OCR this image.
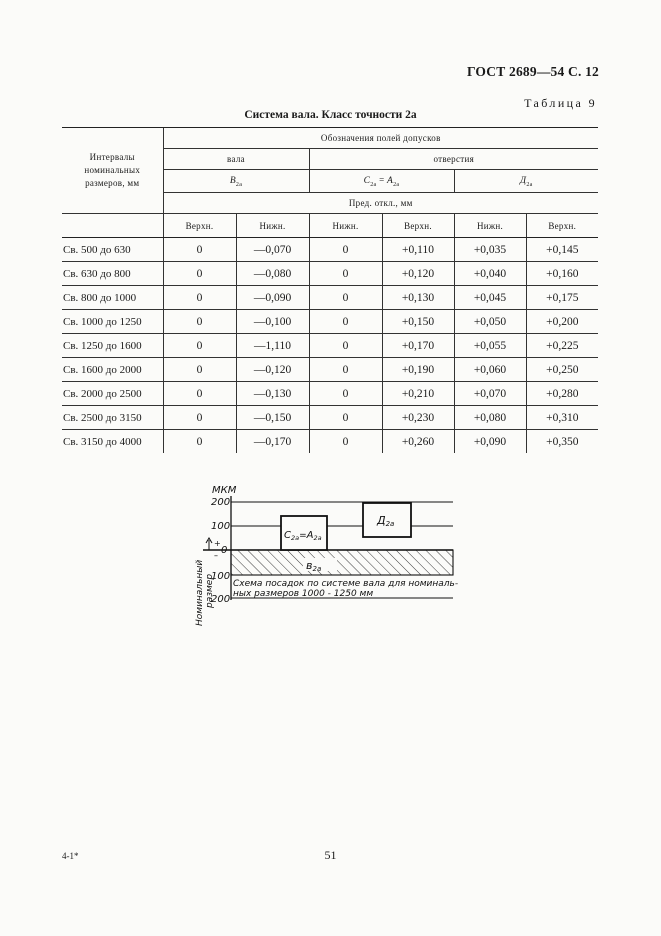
ГОСТ 2689—54 С. 12
Таблица 9
Система вала. Класс точности 2а
Интервалы номинальных размеров, мм	Обозначения полей допусков					
	вала		отверстия			
	$В_{2а}$		$С_{2а} = А_{2а}$		$Д_{2а}$
	Пред. откл., мм					
	Верхн.	Нижн.	Нижн.	Верхн.	Нижн.	Верхн.
Св. 500 до 630	0	—0,070	0	+0,110	+0,035	+0,145
Св. 630 до 800	0	—0,080	0	+0,120	+0,040	+0,160
Св. 800 до 1000	0	—0,090	0	+0,130	+0,045	+0,175
Св. 1000 до 1250	0	—0,100	0	+0,150	+0,050	+0,200
Св. 1250 до 1600	0	—1,110	0	+0,170	+0,055	+0,225
Св. 1600 до 2000	0	—0,120	0	+0,190	+0,060	+0,250
Св. 2000 до 2500	0	—0,130	0	+0,210	+0,070	+0,280
Св. 2500 до 3150	0	—0,150	0	+0,230	+0,080	+0,310
Св. 3150 до 4000	0	—0,170	0	+0,260	+0,090	+0,350
МКМ
200
100
0
100
200
+
–
Номинальный размер
в2а
$С_{2а}=А_{2а}$
Д2а
Схема посадок по системе вала для номиналь-
ных размеров 1000 - 1250 мм
4-1*	51
